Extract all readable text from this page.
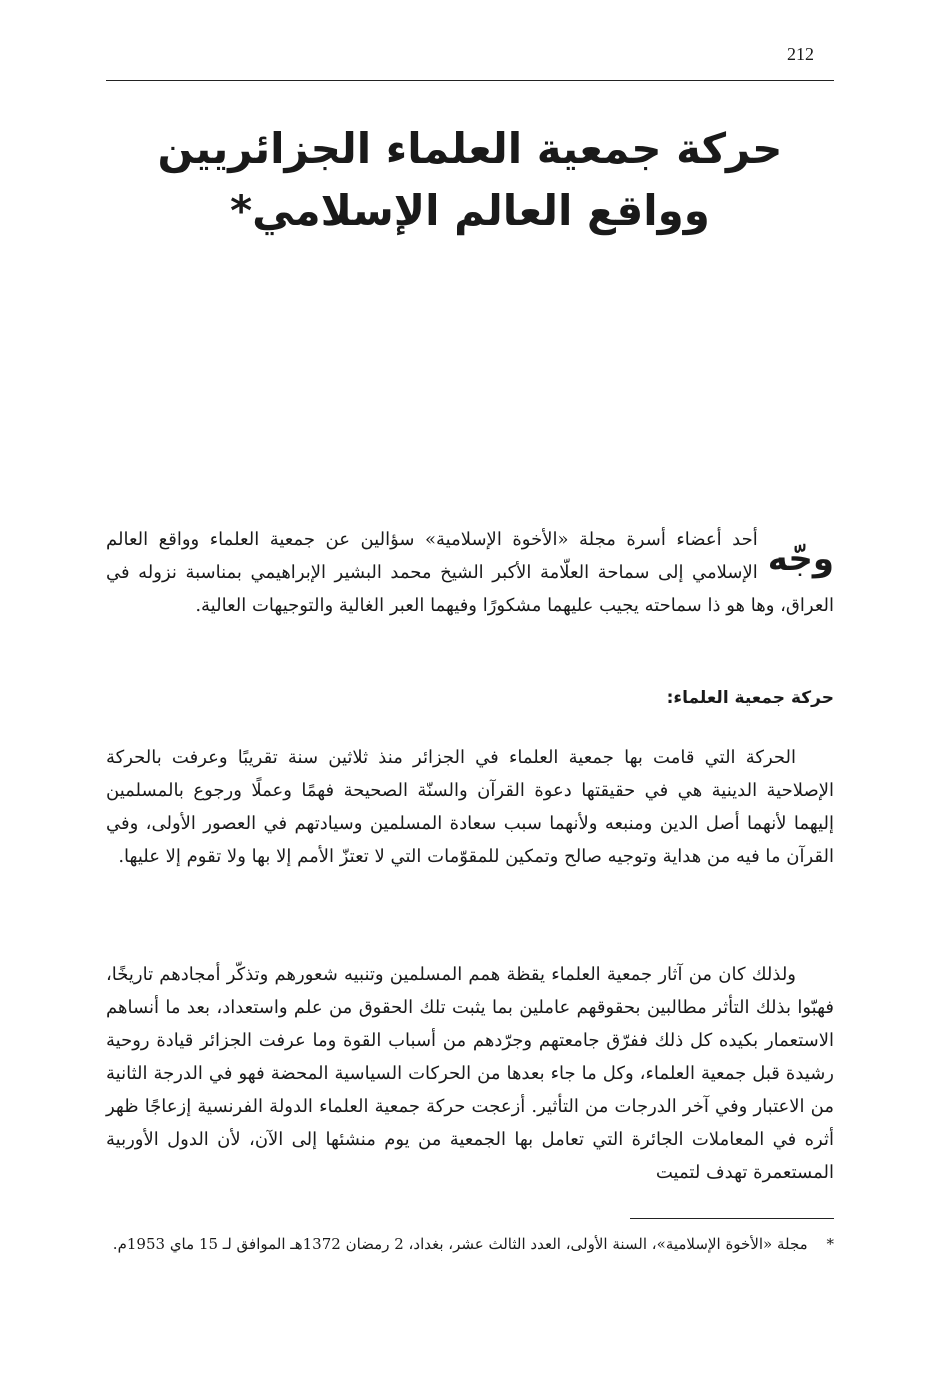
212
حركة جمعية العلماء الجزائريين
وواقع العالم الإسلامي*
وجّه
أحد أعضاء أسرة مجلة «الأخوة الإسلامية» سؤالين عن جمعية العلماء وواقع العالم الإسلامي إلى سماحة العلّامة الأكبر الشيخ محمد البشير الإبراهيمي بمناسبة نزوله في العراق، وها هو ذا سماحته يجيب عليهما مشكورًا وفيهما العبر الغالية والتوجيهات العالية.
حركة جمعية العلماء:
الحركة التي قامت بها جمعية العلماء في الجزائر منذ ثلاثين سنة تقريبًا وعرفت بالحركة الإصلاحية الدينية هي في حقيقتها دعوة القرآن والسنّة الصحيحة فهمًا وعملًا ورجوع بالمسلمين إليهما لأنهما أصل الدين ومنبعه ولأنهما سبب سعادة المسلمين وسيادتهم في العصور الأولى، وفي القرآن ما فيه من هداية وتوجيه صالح وتمكين للمقوّمات التي لا تعتزّ الأمم إلا بها ولا تقوم إلا عليها.
ولذلك كان من آثار جمعية العلماء يقظة همم المسلمين وتنبيه شعورهم وتذكّر أمجادهم تاريخًا، فهبّوا بذلك التأثر مطالبين بحقوقهم عاملين بما يثبت تلك الحقوق من علم واستعداد، بعد ما أنساهم الاستعمار بكيده كل ذلك ففرّق جامعتهم وجرّدهم من أسباب القوة وما عرفت الجزائر قيادة روحية رشيدة قبل جمعية العلماء، وكل ما جاء بعدها من الحركات السياسية المحضة فهو في الدرجة الثانية من الاعتبار وفي آخر الدرجات من التأثير. أزعجت حركة جمعية العلماء الدولة الفرنسية إزعاجًا ظهر أثره في المعاملات الجائرة التي تعامل بها الجمعية من يوم منشئها إلى الآن، لأن الدول الأوربية المستعمرة تهدف لتميت
* مجلة «الأخوة الإسلامية»، السنة الأولى، العدد الثالث عشر، بغداد، 2 رمضان 1372هـ الموافق لـ 15 ماي 1953م.
